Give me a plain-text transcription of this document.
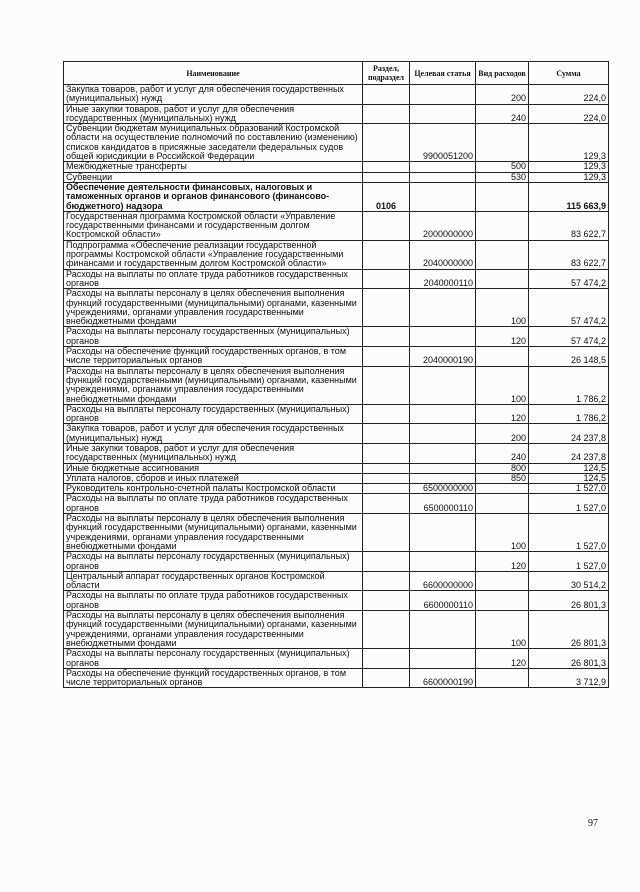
Наименование	Раздел, подраздел	Целевая статья	Вид расходов	Сумма
Закупка товаров, работ и услуг для обеспечения государственных (муниципальных) нужд			200	224,0
Иные закупки товаров, работ и услуг для обеспечения государственных (муниципальных) нужд			240	224,0
Субвенции бюджетам муниципальных образований Костромской области на осуществление полномочий по составлению (изменению) списков кандидатов в присяжные заседатели федеральных судов общей юрисдикции в Российской Федерации		9900051200		129,3
Межбюджетные трансферты			500	129,3
Субвенции			530	129,3
Обеспечение деятельности финансовых, налоговых и таможенных органов и органов финансового (финансово-бюджетного) надзора	0106			115 663,9
Государственная программа Костромской области «Управление государственными финансами и государственным долгом Костромской области»		2000000000		83 622,7
Подпрограмма «Обеспечение реализации государственной программы Костромской области «Управление государственными финансами и государственным долгом Костромской области»		2040000000		83 622,7
Расходы на выплаты по оплате труда работников государственных органов		2040000110		57 474,2
Расходы на выплаты персоналу в целях обеспечения выполнения функций государственными (муниципальными) органами, казенными учреждениями, органами управления государственными внебюджетными фондами			100	57 474,2
Расходы на выплаты персоналу государственных (муниципальных) органов			120	57 474,2
Расходы на обеспечение функций государственных органов, в том числе территориальных органов		2040000190		26 148,5
Расходы на выплаты персоналу в целях обеспечения выполнения функций государственными (муниципальными) органами, казенными учреждениями, органами управления государственными внебюджетными фондами			100	1 786,2
Расходы на выплаты персоналу государственных (муниципальных) органов			120	1 786,2
Закупка товаров, работ и услуг для обеспечения государственных (муниципальных) нужд			200	24 237,8
Иные закупки товаров, работ и услуг для обеспечения государственных (муниципальных) нужд			240	24 237,8
Иные бюджетные ассигнования			800	124,5
Уплата налогов, сборов и иных платежей			850	124,5
Руководитель контрольно-счетной палаты Костромской области		6500000000		1 527,0
Расходы на выплаты по оплате труда работников государственных органов		6500000110		1 527,0
Расходы на выплаты персоналу в целях обеспечения выполнения функций государственными (муниципальными) органами, казенными учреждениями, органами управления государственными внебюджетными фондами			100	1 527,0
Расходы на выплаты персоналу государственных (муниципальных) органов			120	1 527,0
Центральный аппарат государственных органов Костромской области		6600000000		30 514,2
Расходы на выплаты по оплате труда работников государственных органов		6600000110		26 801,3
Расходы на выплаты персоналу в целях обеспечения выполнения функций государственными (муниципальными) органами, казенными учреждениями, органами управления государственными внебюджетными фондами			100	26 801,3
Расходы на выплаты персоналу государственных (муниципальных) органов			120	26 801,3
Расходы на обеспечение функций государственных органов, в том числе территориальных органов		6600000190		3 712,9
97
